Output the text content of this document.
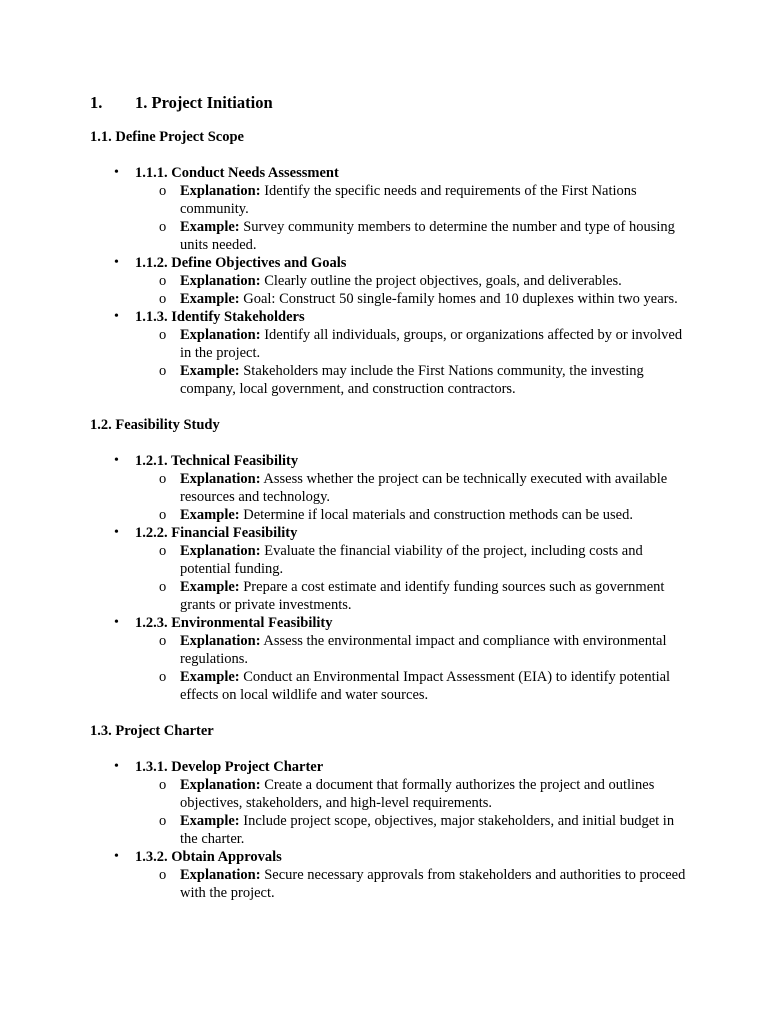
1.	1. Project Initiation
1.1. Define Project Scope
• 1.1.1. Conduct Needs Assessment
o Explanation: Identify the specific needs and requirements of the First Nations community.
o Example: Survey community members to determine the number and type of housing units needed.
• 1.1.2. Define Objectives and Goals
o Explanation: Clearly outline the project objectives, goals, and deliverables.
o Example: Goal: Construct 50 single-family homes and 10 duplexes within two years.
• 1.1.3. Identify Stakeholders
o Explanation: Identify all individuals, groups, or organizations affected by or involved in the project.
o Example: Stakeholders may include the First Nations community, the investing company, local government, and construction contractors.
1.2. Feasibility Study
• 1.2.1. Technical Feasibility
o Explanation: Assess whether the project can be technically executed with available resources and technology.
o Example: Determine if local materials and construction methods can be used.
• 1.2.2. Financial Feasibility
o Explanation: Evaluate the financial viability of the project, including costs and potential funding.
o Example: Prepare a cost estimate and identify funding sources such as government grants or private investments.
• 1.2.3. Environmental Feasibility
o Explanation: Assess the environmental impact and compliance with environmental regulations.
o Example: Conduct an Environmental Impact Assessment (EIA) to identify potential effects on local wildlife and water sources.
1.3. Project Charter
• 1.3.1. Develop Project Charter
o Explanation: Create a document that formally authorizes the project and outlines objectives, stakeholders, and high-level requirements.
o Example: Include project scope, objectives, major stakeholders, and initial budget in the charter.
• 1.3.2. Obtain Approvals
o Explanation: Secure necessary approvals from stakeholders and authorities to proceed with the project.
